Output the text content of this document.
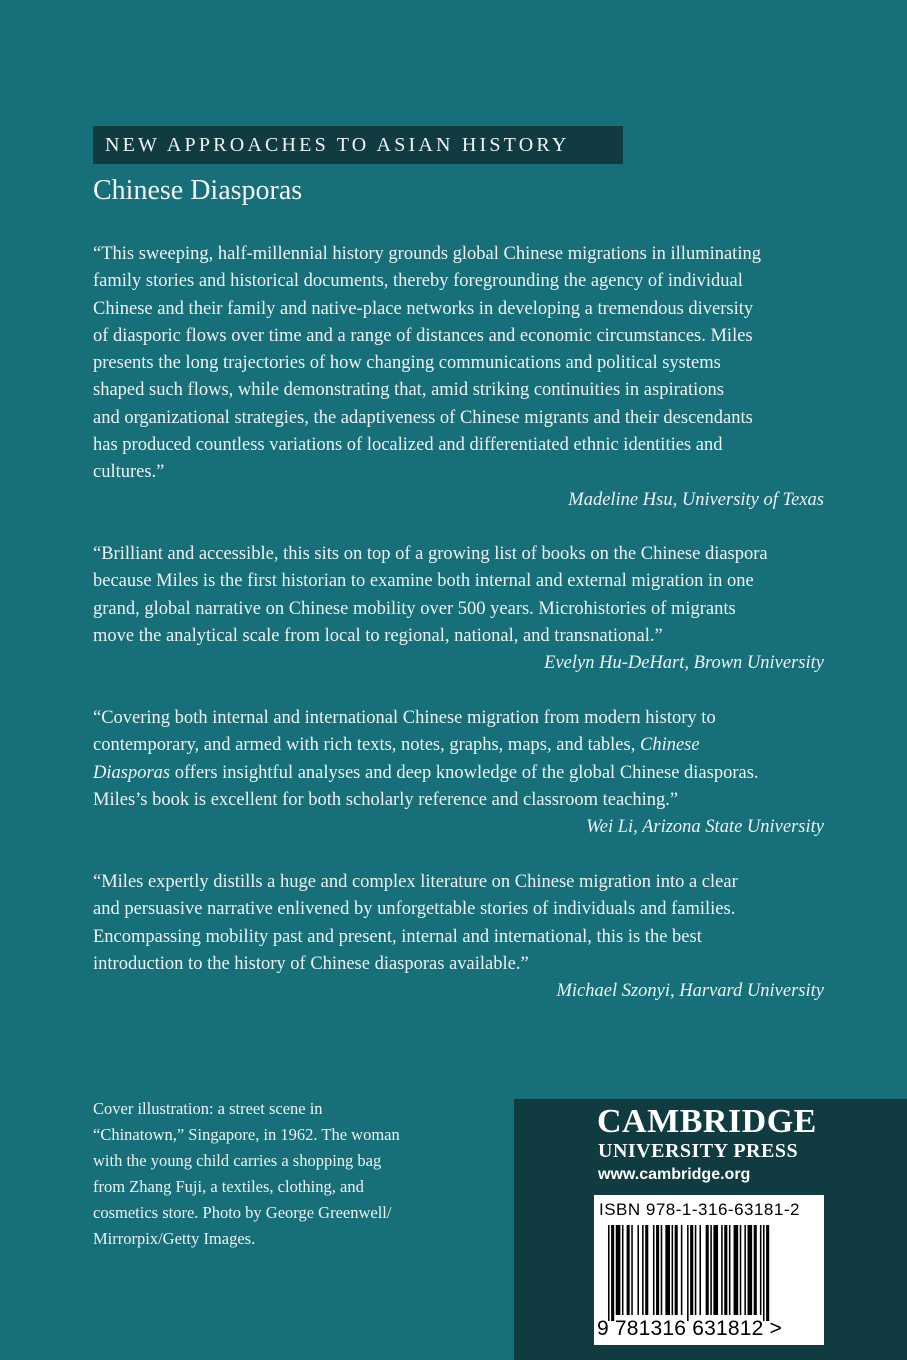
NEW APPROACHES TO ASIAN HISTORY
Chinese Diasporas

“This sweeping, half-millennial history grounds global Chinese migrations in illuminating
family stories and historical documents, thereby foregrounding the agency of individual
Chinese and their family and native-place networks in developing a tremendous diversity
of diasporic flows over time and a range of distances and economic circumstances. Miles
presents the long trajectories of how changing communications and political systems
shaped such flows, while demonstrating that, amid striking continuities in aspirations
and organizational strategies, the adaptiveness of Chinese migrants and their descendants
has produced countless variations of localized and differentiated ethnic identities and
cultures.”

Madeline Hsu, University of Texas

“Brilliant and accessible, this sits on top of a growing list of books on the Chinese diaspora
because Miles is the first historian to examine both internal and external migration in one
grand, global narrative on Chinese mobility over 500 years. Microhistories of migrants
move the analytical scale from local to regional, national, and transnational.”

Evelyn Hu-DeHart, Brown University

“Covering both internal and international Chinese migration from modern history to
contemporary, and armed with rich texts, notes, graphs, maps, and tables, Chinese
Diasporas offers insightful analyses and deep knowledge of the global Chinese diasporas.
Miles’s book is excellent for both scholarly reference and classroom teaching.”

Wei Li, Arizona State University

“Miles expertly distills a huge and complex literature on Chinese migration into a clear
and persuasive narrative enlivened by unforgettable stories of individuals and families.
Encompassing mobility past and present, internal and international, this is the best
introduction to the history of Chinese diasporas available.”

Michael Szonyi, Harvard University

Cover illustration: a street scene in
“Chinatown,” Singapore, in 1962. The woman
with the young child carries a shopping bag
from Zhang Fuji, a textiles, clothing, and
cosmetics store. Photo by George Greenwell/
Mirrorpix/Getty Images.

CAMBRIDGE
UNIVERSITY PRESS
www.cambridge.org
ISBN 978-1-316-63181-2
9 781316 631812 >
